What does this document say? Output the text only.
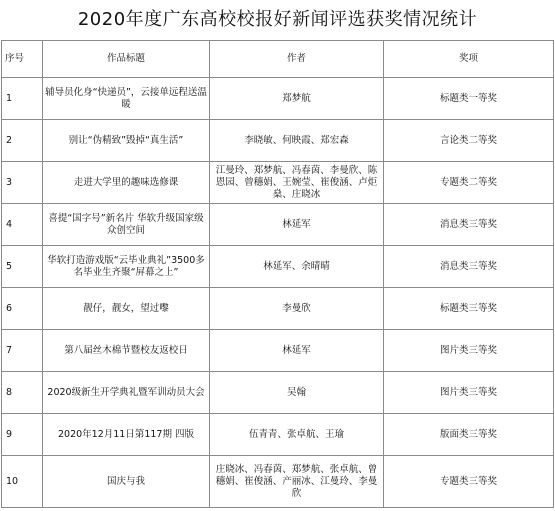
2020年度广东高校校报好新闻评选获奖情况统计
序号	作品标题	作者	奖项
1	辅导员化身“快递员”，云接单远程送温暖	郑梦航	标题类一等奖
2	别让“伪精致”毁掉“真生活”	李晓敏、何映霞、郑宏森	言论类二等奖
3	走进大学里的趣味选修课	江曼玲、郑梦航、冯春茵、李曼欣、陈恩园、曾穗娟、王婉莹、崔俊涵、卢炬燊、庄晓冰	专题类二等奖
4	喜提“国字号”新名片 华软升级国家级众创空间	林延军	消息类三等奖
5	华软打造游戏版“云毕业典礼”3500多名毕业生齐聚“屏幕之上”	林延军、余晴晴	消息类三等奖
6	靓仔，靓女，望过嚟	李曼欣	标题类三等奖
7	第八届丝木棉节暨校友返校日	林延军	图片类三等奖
8	2020级新生开学典礼暨军训动员大会	吴翰	图片类三等奖
9	2020年12月11日第117期 四版	伍青青、张卓航、王瑜	版面类三等奖
10	国庆与我	庄晓冰、冯春茵、郑梦航、张卓航、曾穗娟、崔俊涵、产丽冰、江曼玲、李曼欣	专题类三等奖
